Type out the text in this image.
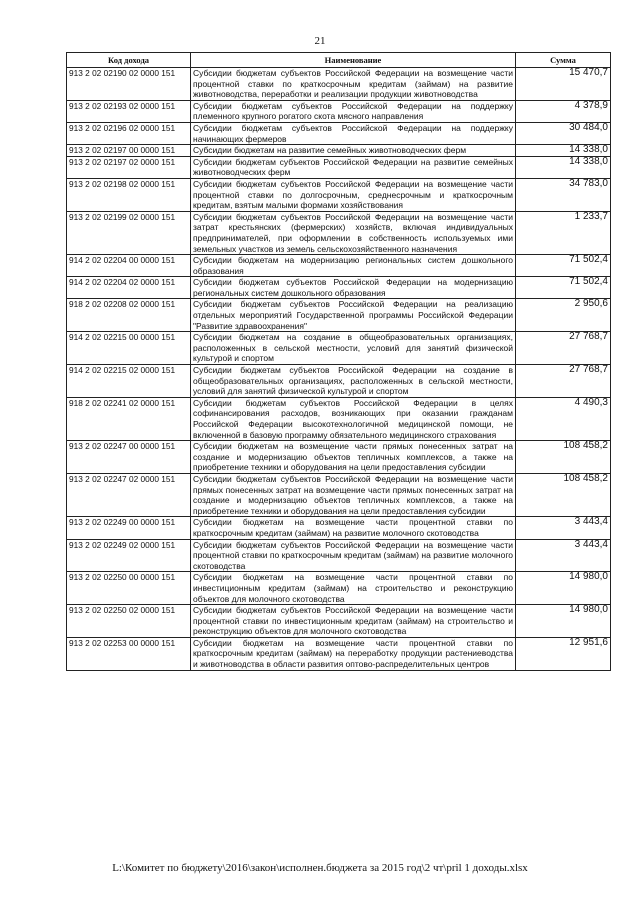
21
Код дохода	Наименование	Сумма
913 2 02 02190 02 0000 151	Субсидии бюджетам субъектов Российской Федерации на возмещение части процентной ставки по краткосрочным кредитам (займам) на развитие животноводства, переработки и реализации продукции животноводства	15 470,7
913 2 02 02193 02 0000 151	Субсидии бюджетам субъектов Российской Федерации на поддержку племенного крупного рогатого скота мясного направления	4 378,9
913 2 02 02196 02 0000 151	Субсидии бюджетам субъектов Российской Федерации на поддержку начинающих фермеров	30 484,0
913 2 02 02197 00 0000 151	Субсидии бюджетам на развитие семейных животноводческих ферм	14 338,0
913 2 02 02197 02 0000 151	Субсидии бюджетам субъектов Российской Федерации на развитие семейных животноводческих ферм	14 338,0
913 2 02 02198 02 0000 151	Субсидии бюджетам субъектов Российской Федерации на возмещение части процентной ставки по долгосрочным, среднесрочным и краткосрочным кредитам, взятым малыми формами хозяйствования	34 783,0
913 2 02 02199 02 0000 151	Субсидии бюджетам субъектов Российской Федерации на возмещение части затрат крестьянских (фермерских) хозяйств, включая индивидуальных предпринимателей, при оформлении в собственность используемых ими земельных участков из земель сельскохозяйственного назначения	1 233,7
914 2 02 02204 00 0000 151	Субсидии бюджетам на модернизацию региональных систем дошкольного образования	71 502,4
914 2 02 02204 02 0000 151	Субсидии бюджетам субъектов Российской Федерации на модернизацию региональных систем дошкольного образования	71 502,4
918 2 02 02208 02 0000 151	Субсидии бюджетам субъектов Российской Федерации на реализацию отдельных мероприятий Государственной программы Российской Федерации "Развитие здравоохранения"	2 950,6
914 2 02 02215 00 0000 151	Субсидии бюджетам на создание в общеобразовательных организациях, расположенных в сельской местности, условий для занятий физической культурой и спортом	27 768,7
914 2 02 02215 02 0000 151	Субсидии бюджетам субъектов Российской Федерации на создание в общеобразовательных организациях, расположенных в сельской местности, условий для занятий физической культурой и спортом	27 768,7
918 2 02 02241 02 0000 151	Субсидии бюджетам субъектов Российской Федерации в целях софинансирования расходов, возникающих при оказании гражданам Российской Федерации высокотехнологичной медицинской помощи, не включенной в базовую программу обязательного медицинского страхования	4 490,3
913 2 02 02247 00 0000 151	Субсидии бюджетам на возмещение части прямых понесенных затрат на создание и модернизацию объектов тепличных комплексов, а также на приобретение техники и оборудования на цели предоставления субсидии	108 458,2
913 2 02 02247 02 0000 151	Субсидии бюджетам субъектов Российской Федерации на возмещение части прямых понесенных затрат на возмещение части прямых понесенных затрат на создание и модернизацию объектов тепличных комплексов, а также на приобретение техники и оборудования на цели предоставления субсидии	108 458,2
913 2 02 02249 00 0000 151	Субсидии бюджетам на возмещение части процентной ставки по краткосрочным кредитам (займам) на развитие молочного скотоводства	3 443,4
913 2 02 02249 02 0000 151	Субсидии бюджетам субъектов Российской Федерации на возмещение части процентной ставки по краткосрочным кредитам (займам) на развитие молочного скотоводства	3 443,4
913 2 02 02250 00 0000 151	Субсидии бюджетам на возмещение части процентной ставки по инвестиционным кредитам (займам) на строительство и реконструкцию объектов для молочного скотоводства	14 980,0
913 2 02 02250 02 0000 151	Субсидии бюджетам субъектов Российской Федерации на возмещение части процентной ставки по инвестиционным кредитам (займам) на строительство и реконструкцию объектов для молочного скотоводства	14 980,0
913 2 02 02253 00 0000 151	Субсидии бюджетам на возмещение части процентной ставки по краткосрочным кредитам (займам) на переработку продукции растениеводства и животноводства в области развития оптово-распределительных центров	12 951,6
L:\Комитет по бюджету\2016\закон\исполнен.бюджета за 2015 год\2 чт\pril 1 доходы.xlsx
